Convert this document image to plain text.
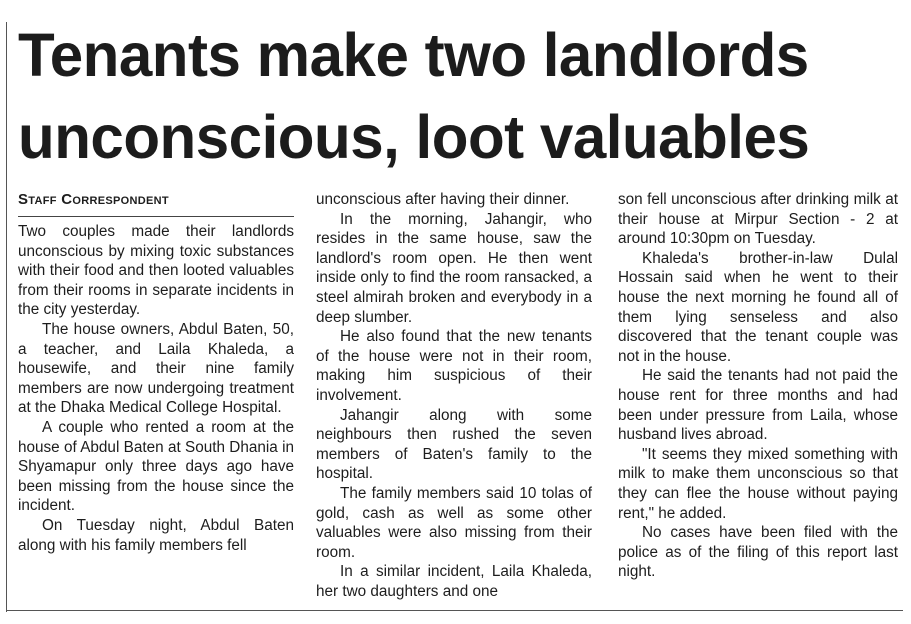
Tenants make two landlords
unconscious, loot valuables
Staff Correspondent

Two couples made their landlords unconscious by mixing toxic substances with their food and then looted valuables from their rooms in separate incidents in the city yesterday.

The house owners, Abdul Baten, 50, a teacher, and Laila Khaleda, a housewife, and their nine family members are now undergoing treatment at the Dhaka Medical College Hospital.

A couple who rented a room at the house of Abdul Baten at South Dhania in Shyamapur only three days ago have been missing from the house since the incident.

On Tuesday night, Abdul Baten along with his family members fell

unconscious after having their dinner.

In the morning, Jahangir, who resides in the same house, saw the landlord's room open. He then went inside only to find the room ransacked, a steel almirah broken and everybody in a deep slumber.

He also found that the new tenants of the house were not in their room, making him suspicious of their involvement.

Jahangir along with some neighbours then rushed the seven members of Baten's family to the hospital.

The family members said 10 tolas of gold, cash as well as some other valuables were also missing from their room.

In a similar incident, Laila Khaleda, her two daughters and one

son fell unconscious after drinking milk at their house at Mirpur Section - 2 at around 10:30pm on Tuesday.

Khaleda's brother-in-law Dulal Hossain said when he went to their house the next morning he found all of them lying senseless and also discovered that the tenant couple was not in the house.

He said the tenants had not paid the house rent for three months and had been under pressure from Laila, whose husband lives abroad.

"It seems they mixed something with milk to make them unconscious so that they can flee the house without paying rent," he added.

No cases have been filed with the police as of the filing of this report last night.
